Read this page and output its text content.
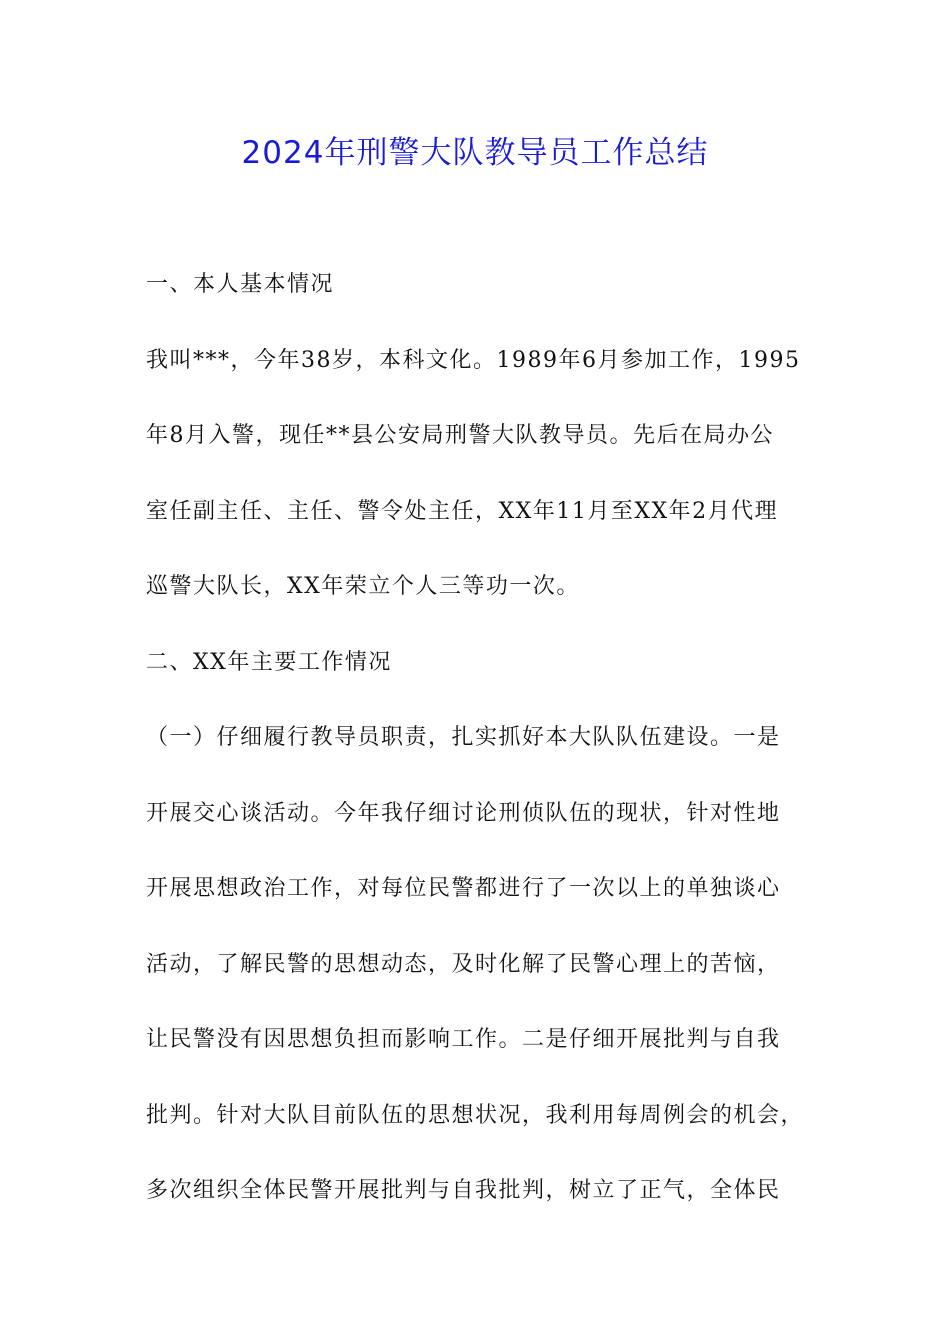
2024年刑警大队教导员工作总结
一、本人基本情况
我叫***，今年38岁，本科文化。1989年6月参加工作，1995
年8月入警，现任**县公安局刑警大队教导员。先后在局办公
室任副主任、主任、警令处主任，XX年11月至XX年2月代理
巡警大队长，XX年荣立个人三等功一次。
二、XX年主要工作情况
（一）仔细履行教导员职责，扎实抓好本大队队伍建设。一是
开展交心谈活动。今年我仔细讨论刑侦队伍的现状，针对性地
开展思想政治工作，对每位民警都进行了一次以上的单独谈心
活动，了解民警的思想动态，及时化解了民警心理上的苦恼，
让民警没有因思想负担而影响工作。二是仔细开展批判与自我
批判。针对大队目前队伍的思想状况，我利用每周例会的机会，
多次组织全体民警开展批判与自我批判，树立了正气，全体民
